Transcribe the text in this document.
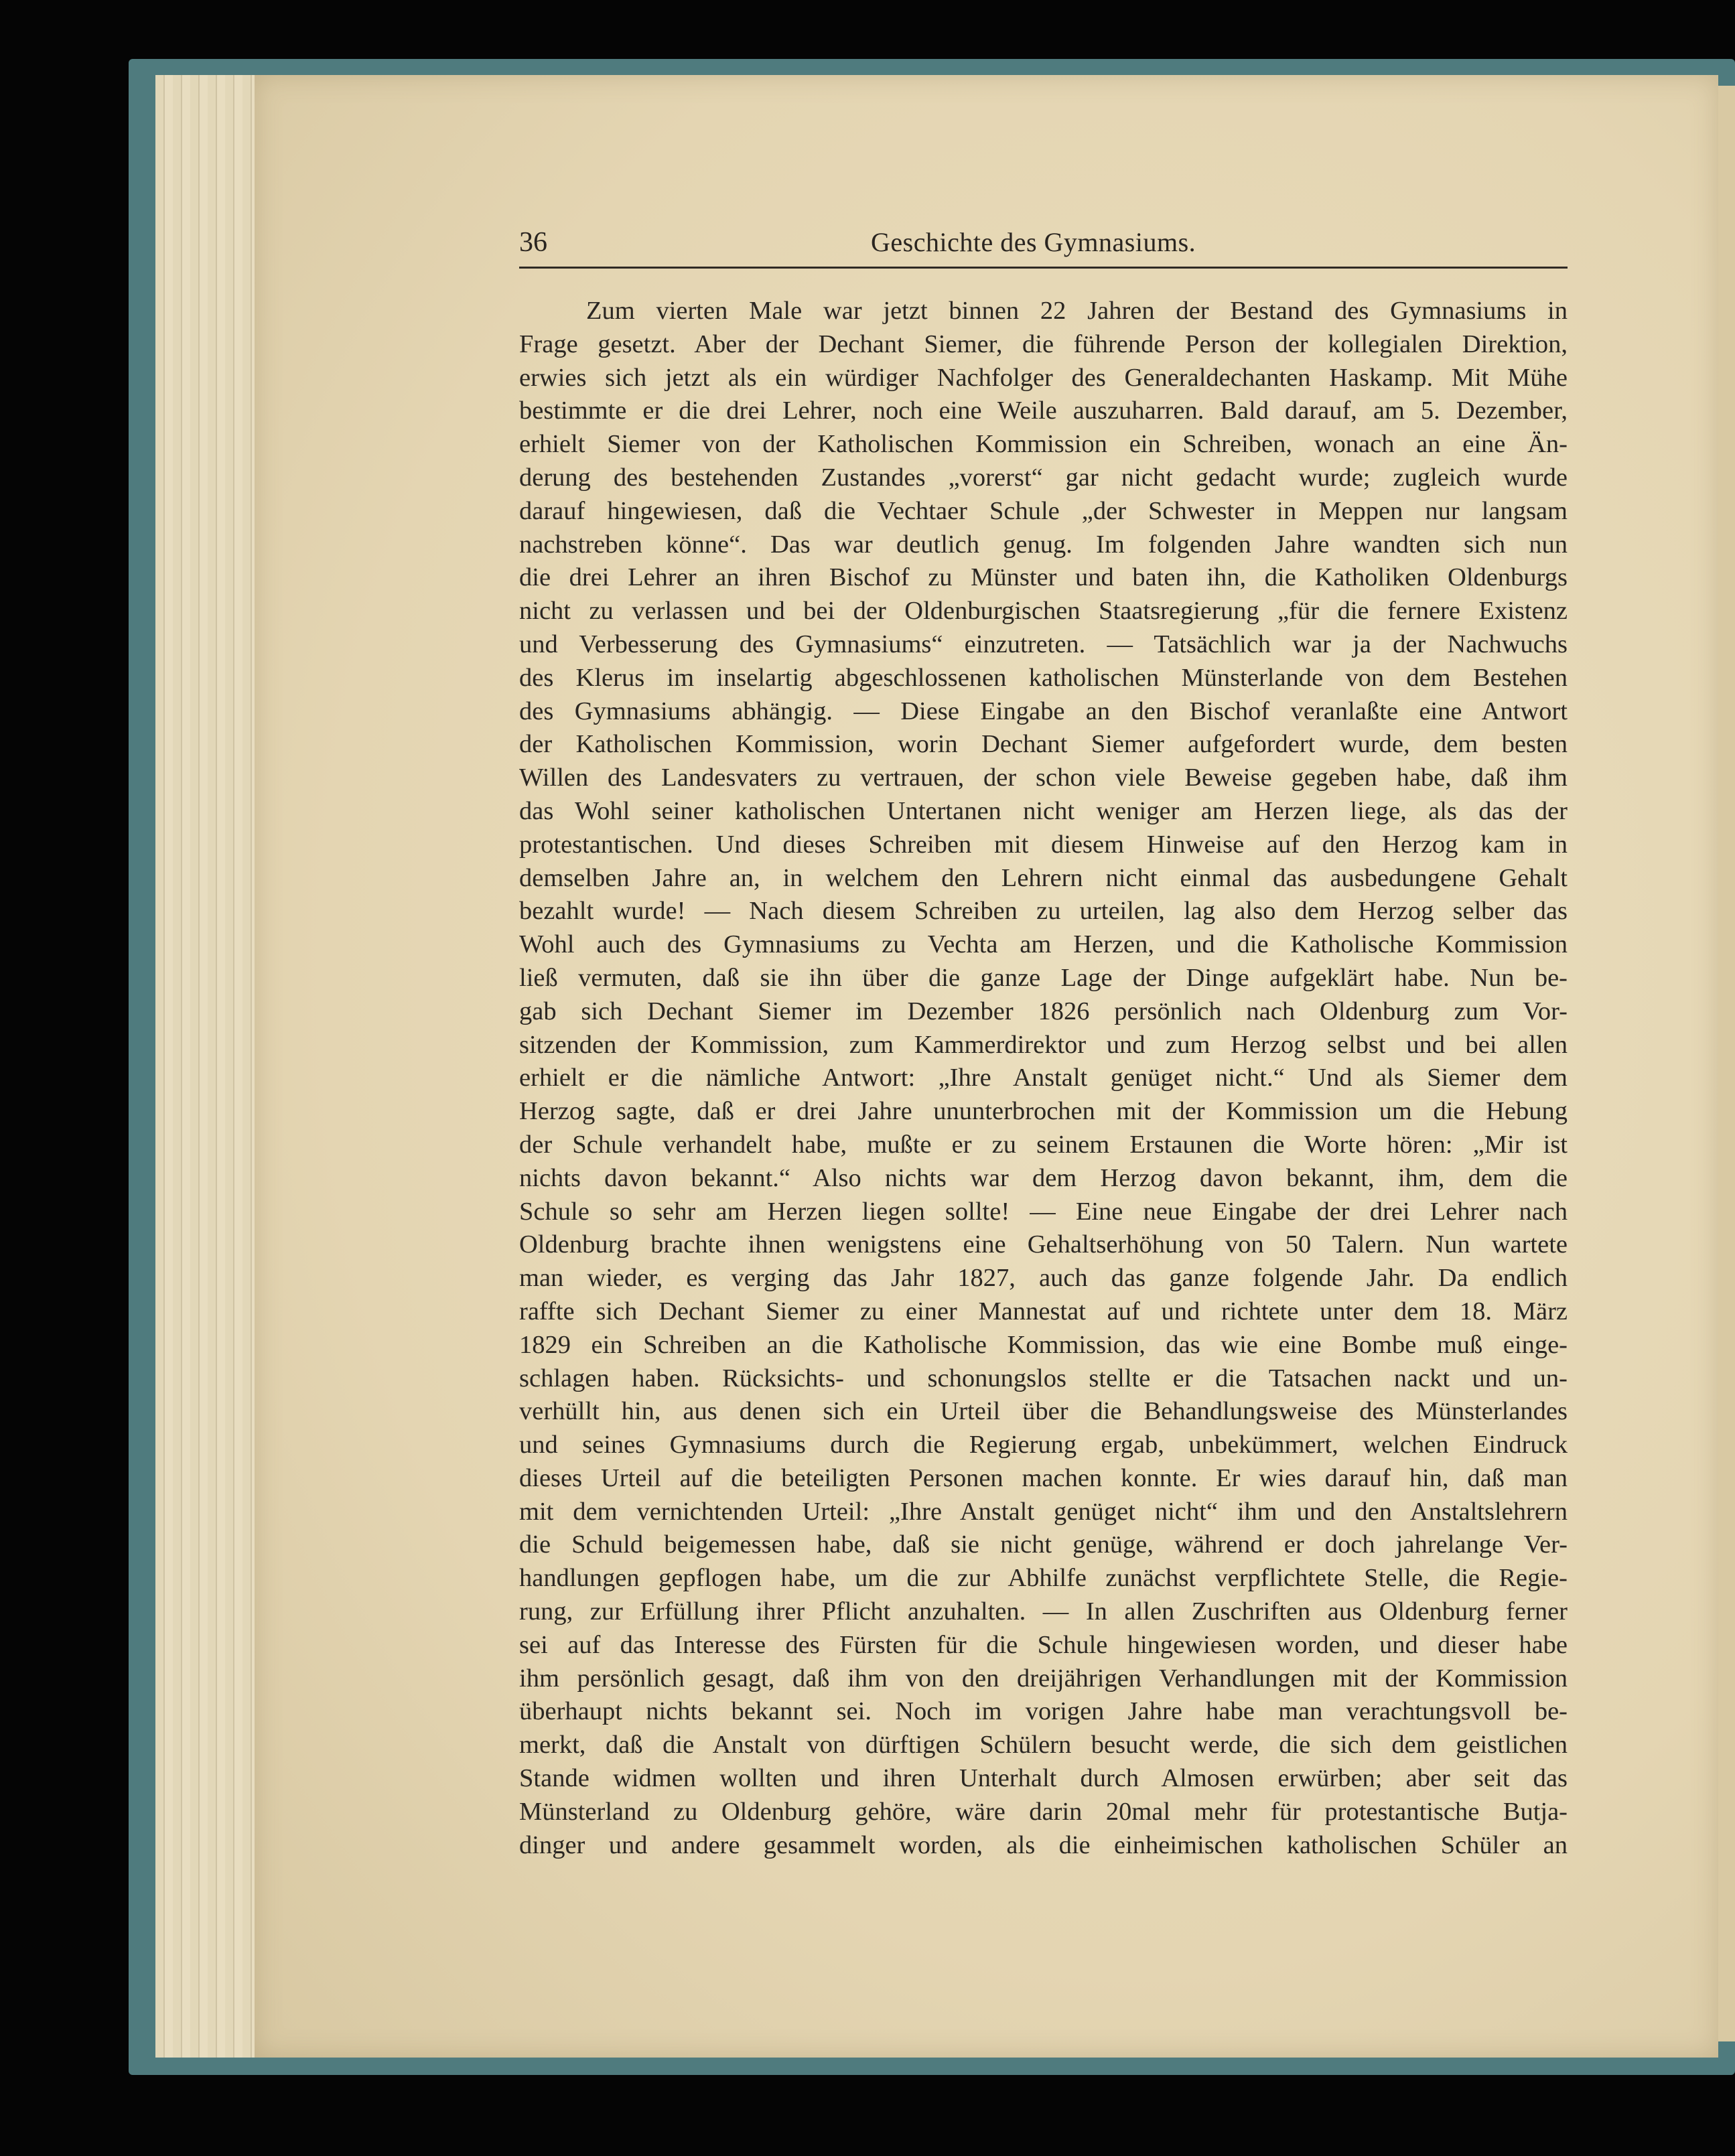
36	Geschichte des Gymnasiums.
Zum vierten Male war jetzt binnen 22 Jahren der Bestand des Gymnasiums in
Frage gesetzt. Aber der Dechant Siemer, die führende Person der kollegialen Direktion,
erwies sich jetzt als ein würdiger Nachfolger des Generaldechanten Haskamp. Mit Mühe
bestimmte er die drei Lehrer, noch eine Weile auszuharren. Bald darauf, am 5. Dezember,
erhielt Siemer von der Katholischen Kommission ein Schreiben, wonach an eine Än-
derung des bestehenden Zustandes „vorerst“ gar nicht gedacht wurde; zugleich wurde
darauf hingewiesen, daß die Vechtaer Schule „der Schwester in Meppen nur langsam
nachstreben könne“. Das war deutlich genug. Im folgenden Jahre wandten sich nun
die drei Lehrer an ihren Bischof zu Münster und baten ihn, die Katholiken Oldenburgs
nicht zu verlassen und bei der Oldenburgischen Staatsregierung „für die fernere Existenz
und Verbesserung des Gymnasiums“ einzutreten. — Tatsächlich war ja der Nachwuchs
des Klerus im inselartig abgeschlossenen katholischen Münsterlande von dem Bestehen
des Gymnasiums abhängig. — Diese Eingabe an den Bischof veranlaßte eine Antwort
der Katholischen Kommission, worin Dechant Siemer aufgefordert wurde, dem besten
Willen des Landesvaters zu vertrauen, der schon viele Beweise gegeben habe, daß ihm
das Wohl seiner katholischen Untertanen nicht weniger am Herzen liege, als das der
protestantischen. Und dieses Schreiben mit diesem Hinweise auf den Herzog kam in
demselben Jahre an, in welchem den Lehrern nicht einmal das ausbedungene Gehalt
bezahlt wurde! — Nach diesem Schreiben zu urteilen, lag also dem Herzog selber das
Wohl auch des Gymnasiums zu Vechta am Herzen, und die Katholische Kommission
ließ vermuten, daß sie ihn über die ganze Lage der Dinge aufgeklärt habe. Nun be-
gab sich Dechant Siemer im Dezember 1826 persönlich nach Oldenburg zum Vor-
sitzenden der Kommission, zum Kammerdirektor und zum Herzog selbst und bei allen
erhielt er die nämliche Antwort: „Ihre Anstalt genüget nicht.“ Und als Siemer dem
Herzog sagte, daß er drei Jahre ununterbrochen mit der Kommission um die Hebung
der Schule verhandelt habe, mußte er zu seinem Erstaunen die Worte hören: „Mir ist
nichts davon bekannt.“ Also nichts war dem Herzog davon bekannt, ihm, dem die
Schule so sehr am Herzen liegen sollte! — Eine neue Eingabe der drei Lehrer nach
Oldenburg brachte ihnen wenigstens eine Gehaltserhöhung von 50 Talern. Nun wartete
man wieder, es verging das Jahr 1827, auch das ganze folgende Jahr. Da endlich
raffte sich Dechant Siemer zu einer Mannestat auf und richtete unter dem 18. März
1829 ein Schreiben an die Katholische Kommission, das wie eine Bombe muß einge-
schlagen haben. Rücksichts- und schonungslos stellte er die Tatsachen nackt und un-
verhüllt hin, aus denen sich ein Urteil über die Behandlungsweise des Münsterlandes
und seines Gymnasiums durch die Regierung ergab, unbekümmert, welchen Eindruck
dieses Urteil auf die beteiligten Personen machen konnte. Er wies darauf hin, daß man
mit dem vernichtenden Urteil: „Ihre Anstalt genüget nicht“ ihm und den Anstaltslehrern
die Schuld beigemessen habe, daß sie nicht genüge, während er doch jahrelange Ver-
handlungen gepflogen habe, um die zur Abhilfe zunächst verpflichtete Stelle, die Regie-
rung, zur Erfüllung ihrer Pflicht anzuhalten. — In allen Zuschriften aus Oldenburg ferner
sei auf das Interesse des Fürsten für die Schule hingewiesen worden, und dieser habe
ihm persönlich gesagt, daß ihm von den dreijährigen Verhandlungen mit der Kommission
überhaupt nichts bekannt sei. Noch im vorigen Jahre habe man verachtungsvoll be-
merkt, daß die Anstalt von dürftigen Schülern besucht werde, die sich dem geistlichen
Stande widmen wollten und ihren Unterhalt durch Almosen erwürben; aber seit das
Münsterland zu Oldenburg gehöre, wäre darin 20mal mehr für protestantische Butja-
dinger und andere gesammelt worden, als die einheimischen katholischen Schüler an
